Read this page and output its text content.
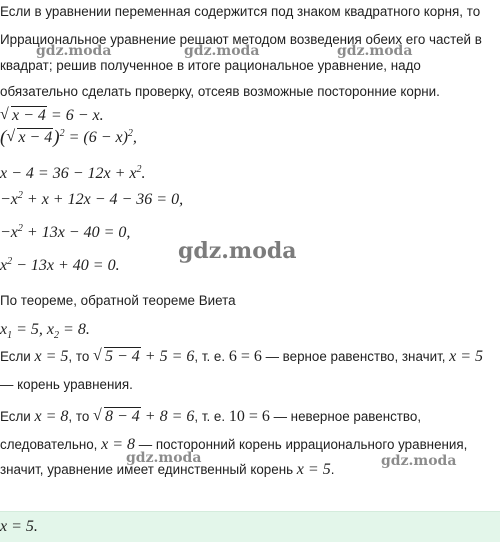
Если в уравнении переменная содержится под знаком квадратного корня, то
Иррациональное уравнение решают методом возведения обеих его частей в
квадрат; решив полученное в итоге рациональное уравнение, надо
обязательно сделать проверку, отсеяв возможные посторонние корни.
√ x − 4 = 6 − x.
(√ $x - 4)^2 = (6 - x)^2$,
$x - 4 = 36 - 12x + x^2$.
$-x^2 + x + 12x - 4 - 36 = 0$,
$-x^2 + 13x - 40 = 0$,
$x^2 - 13x + 40 = 0$.
По теореме, обратной теореме Виета
$x_1 = 5$, $x_2 = 8$.
Если x = 5, то √ 5 − 4 + 5 = 6, т. е. 6 = 6 — верное равенство, значит, x = 5
— корень уравнения.
Если x = 8, то √ 8 − 4 + 8 = 6, т. е. 10 = 6 — неверное равенство,
следовательно, x = 8 — посторонний корень иррационального уравнения,
значит, уравнение имеет единственный корень x = 5.
x = 5.
gdz.moda	gdz.moda	gdz.moda
gdz.moda
gdz.moda	gdz.moda
